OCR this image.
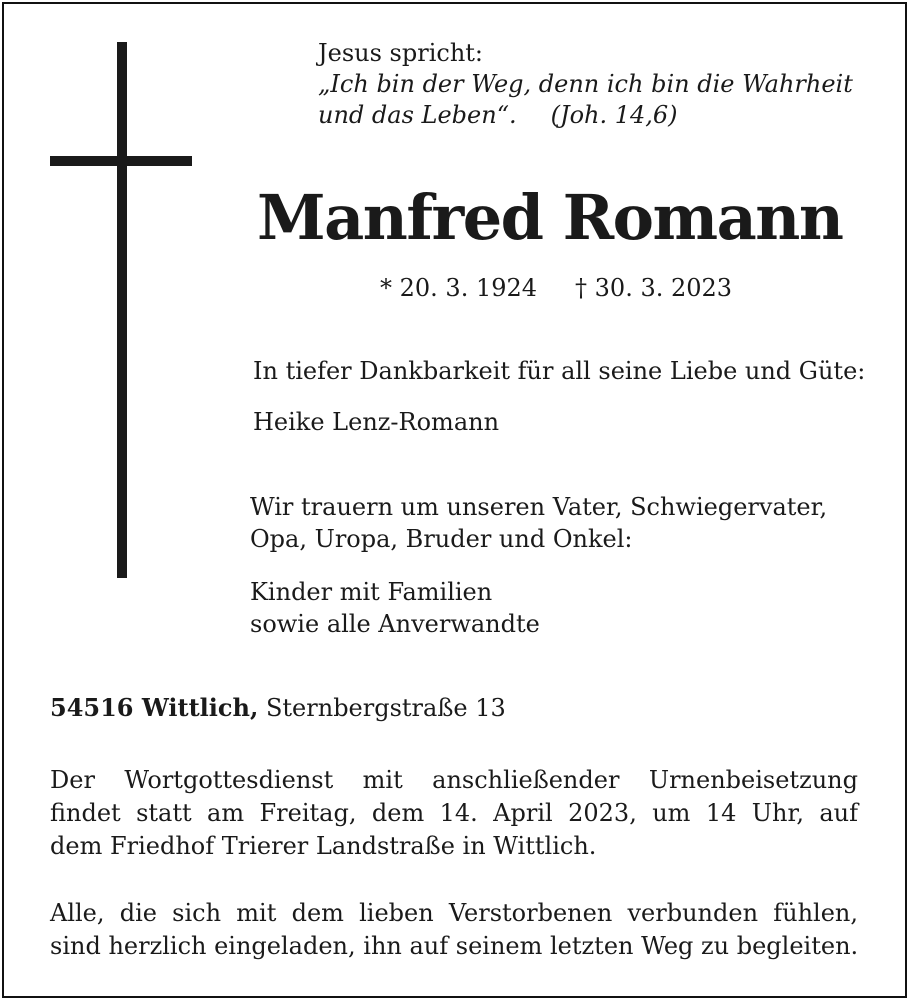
Jesus spricht:
„Ich bin der Weg, denn ich bin die Wahrheit
und das Leben“. (Joh. 14,6)
Manfred Romann
* 20. 3. 1924 † 30. 3. 2023
In tiefer Dankbarkeit für all seine Liebe und Güte:
Heike Lenz-Romann
Wir trauern um unseren Vater, Schwiegervater,
Opa, Uropa, Bruder und Onkel:
Kinder mit Familien
sowie alle Anverwandte
54516 Wittlich, Sternbergstraße 13
Der Wortgottesdienst mit anschließender Urnenbeisetzung
findet statt am Freitag, dem 14. April 2023, um 14 Uhr, auf
dem Friedhof Trierer Landstraße in Wittlich.
Alle, die sich mit dem lieben Verstorbenen verbunden fühlen,
sind herzlich eingeladen, ihn auf seinem letzten Weg zu begleiten.
